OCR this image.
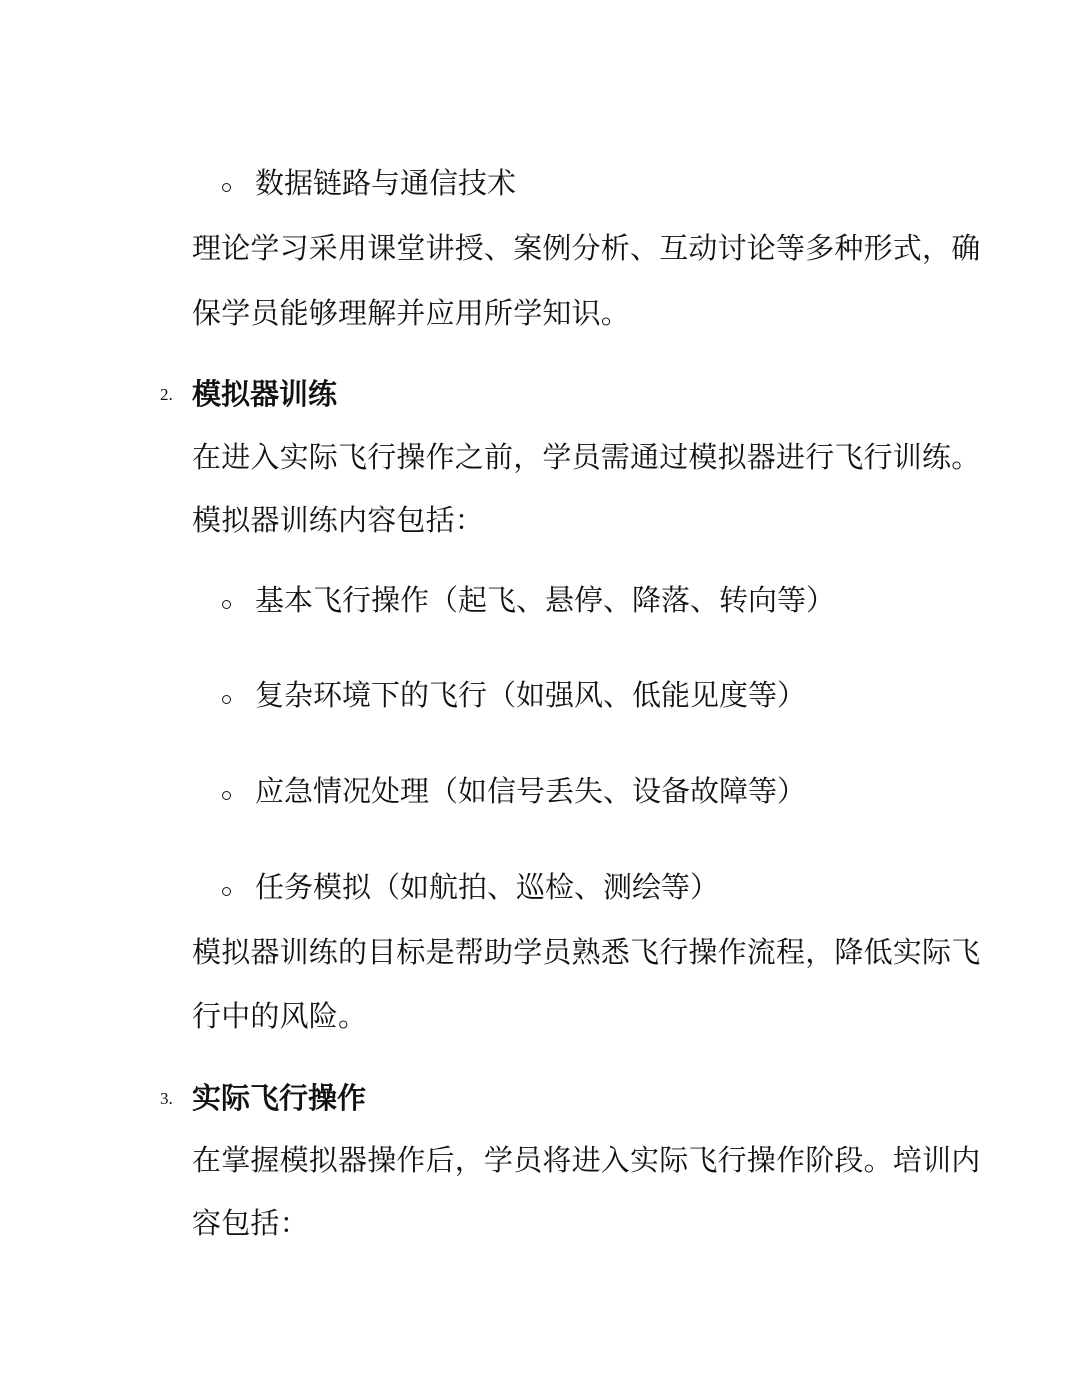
数据链路与通信技术
理论学习采用课堂讲授、案例分析、互动讨论等多种形式，确
保学员能够理解并应用所学知识。
2. 模拟器训练
在进入实际飞行操作之前，学员需通过模拟器进行飞行训练。
模拟器训练内容包括：
基本飞行操作（起飞、悬停、降落、转向等）
复杂环境下的飞行（如强风、低能见度等）
应急情况处理（如信号丢失、设备故障等）
任务模拟（如航拍、巡检、测绘等）
模拟器训练的目标是帮助学员熟悉飞行操作流程，降低实际飞
行中的风险。
3. 实际飞行操作
在掌握模拟器操作后，学员将进入实际飞行操作阶段。培训内
容包括：
